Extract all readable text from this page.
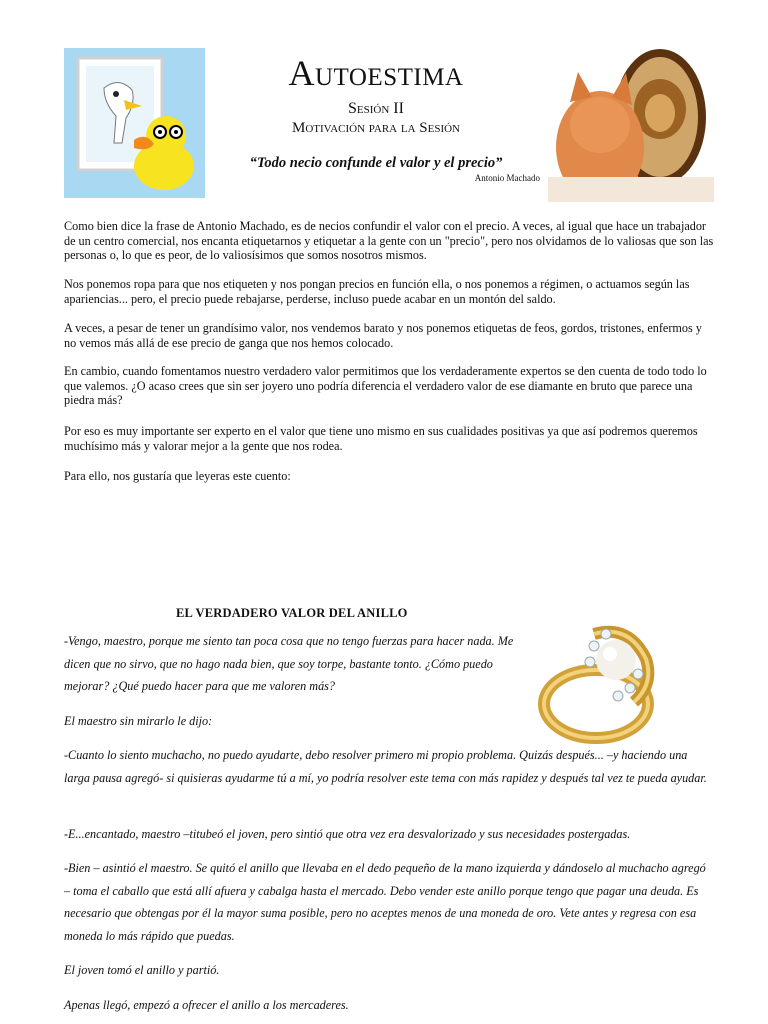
Autoestima

Sesión II

Motivación para la Sesión

“Todo necio confunde el valor y el precio”

Antonio Machado

Como bien dice la frase de Antonio Machado, es de necios confundir el valor con el precio. A veces, al igual que hace un trabajador de un centro comercial, nos encanta etiquetarnos y etiquetar a la gente con un "precio", pero nos olvidamos de lo valiosas que son las personas o, lo que es peor, de lo valiosísimos que somos nosotros mismos.

Nos ponemos ropa para que nos etiqueten y nos pongan precios en función ella, o nos ponemos a régimen, o actuamos según las apariencias... pero, el precio puede rebajarse, perderse, incluso puede acabar en un montón del saldo.

A veces, a pesar de tener un grandísimo valor, nos vendemos barato y nos ponemos etiquetas de feos, gordos, tristones, enfermos y no vemos más allá de ese precio de ganga que nos hemos colocado.

En cambio, cuando fomentamos nuestro verdadero valor permitimos que los verdaderamente expertos se den cuenta de todo todo lo que valemos. ¿O acaso crees que sin ser joyero uno podría diferencia el verdadero valor de ese diamante en bruto que parece una piedra más?

Por eso es muy importante ser experto en el valor que tiene uno mismo en sus cualidades positivas ya que así podremos queremos muchísimo más y valorar mejor a la gente que nos rodea.

Para ello, nos gustaría que leyeras este cuento:

EL VERDADERO VALOR DEL ANILLO

-Vengo, maestro, porque me siento tan poca cosa que no tengo fuerzas para hacer nada. Me dicen que no sirvo, que no hago nada bien, que soy torpe, bastante tonto. ¿Cómo puedo mejorar? ¿Qué puedo hacer para que me valoren más?

El maestro sin mirarlo le dijo:

-Cuanto lo siento muchacho, no puedo ayudarte, debo resolver primero mi propio problema. Quizás después... –y haciendo una larga pausa agregó- si quisieras ayudarme tú a mí, yo podría resolver este tema con más rapidez y después tal vez te pueda ayudar.

-E...encantado, maestro –titubeó el joven, pero sintió que otra vez era desvalorizado y sus necesidades postergadas.

-Bien – asintió el maestro. Se quitó el anillo que llevaba en el dedo pequeño de la mano izquierda y dándoselo al muchacho agregó – toma el caballo que está allí afuera y cabalga hasta el mercado. Debo vender este anillo porque tengo que pagar una deuda. Es necesario que obtengas por él la mayor suma posible, pero no aceptes menos de una moneda de oro. Vete antes y regresa con esa moneda lo más rápido que puedas.

El joven tomó el anillo y partió.

Apenas llegó, empezó a ofrecer el anillo a los mercaderes.
